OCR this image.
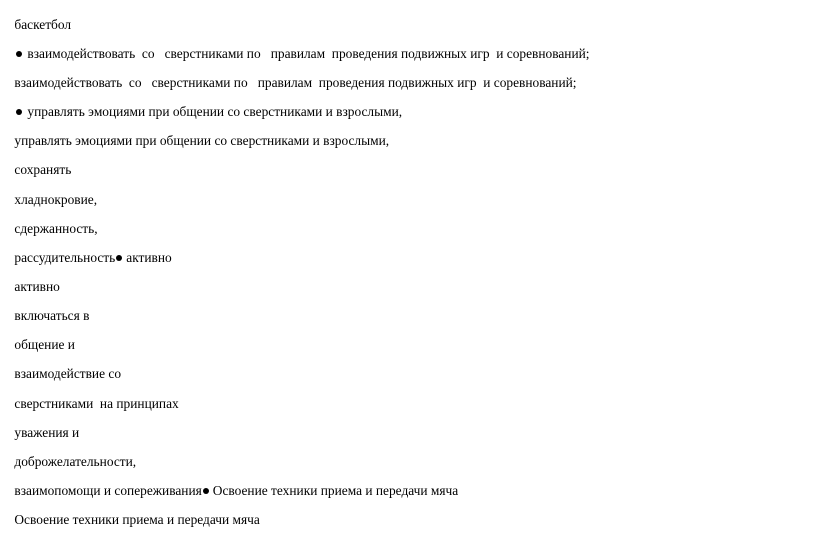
баскетбол

взаимодействовать  со   сверстниками по   правилам  проведения подвижных игр  и соревнований;

взаимодействовать  со   сверстниками по   правилам  проведения подвижных игр  и соревнований;

управлять эмоциями при общении со сверстниками и взрослыми,

управлять эмоциями при общении со сверстниками и взрослыми,

сохранять

хладнокровие,

сдержанность,

рассудительность активно

активно

включаться в

общение и

взаимодействие со

сверстниками  на принципах

уважения и

доброжелательности,

взаимопомощи и сопереживания Освоение техники приема и передачи мяча

Освоение техники приема и передачи мяча
